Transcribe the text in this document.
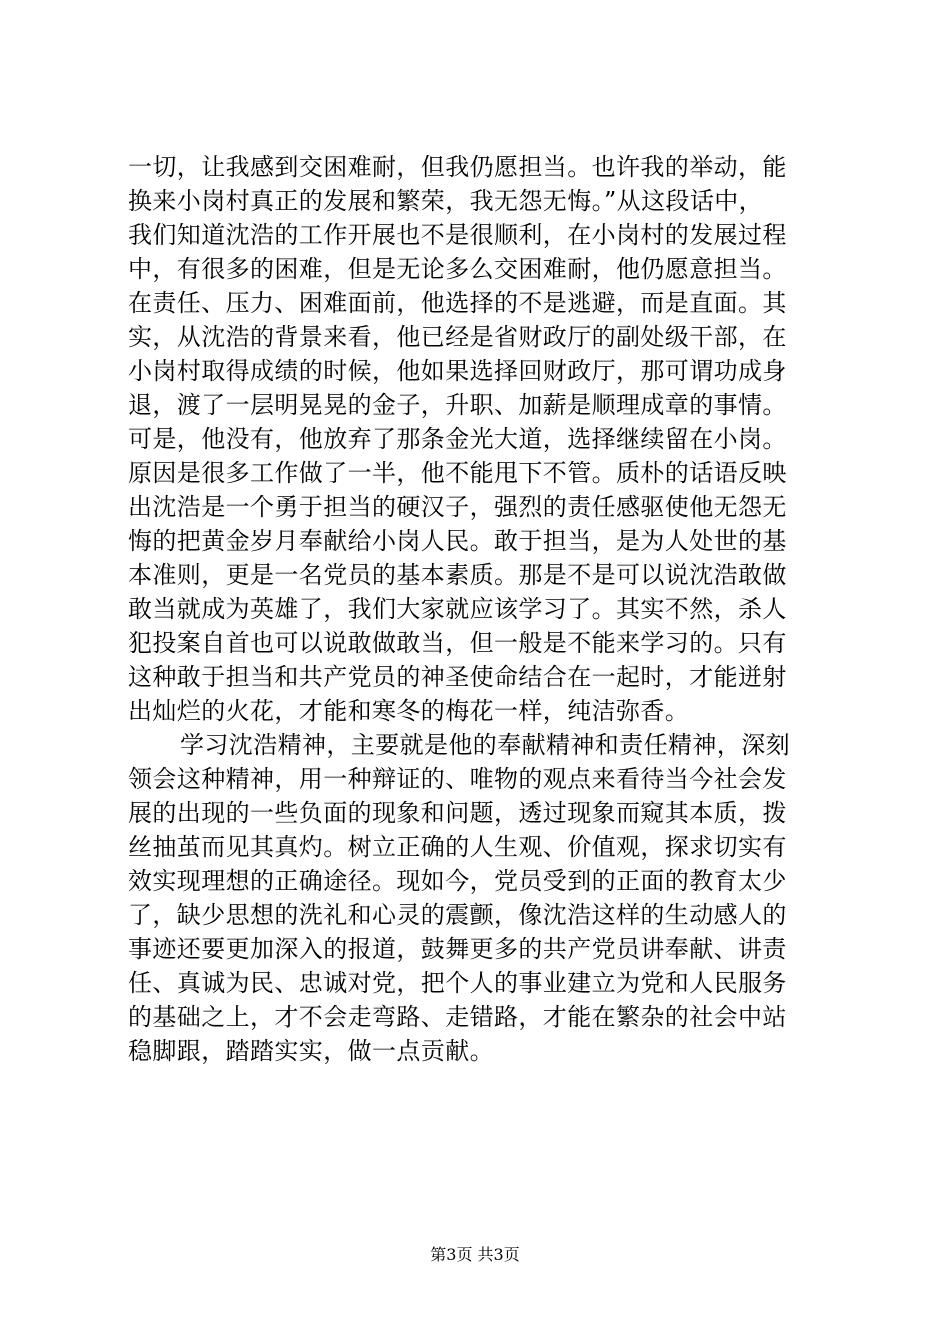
一切，让我感到交困难耐，但我仍愿担当。也许我的举动，能
换来小岗村真正的发展和繁荣，我无怨无悔。”从这段话中，
我们知道沈浩的工作开展也不是很顺利，在小岗村的发展过程
中，有很多的困难，但是无论多么交困难耐，他仍愿意担当。
在责任、压力、困难面前，他选择的不是逃避，而是直面。其
实，从沈浩的背景来看，他已经是省财政厅的副处级干部，在
小岗村取得成绩的时候，他如果选择回财政厅，那可谓功成身
退，渡了一层明晃晃的金子，升职、加薪是顺理成章的事情。
可是，他没有，他放弃了那条金光大道，选择继续留在小岗。
原因是很多工作做了一半，他不能甩下不管。质朴的话语反映
出沈浩是一个勇于担当的硬汉子，强烈的责任感驱使他无怨无
悔的把黄金岁月奉献给小岗人民。敢于担当，是为人处世的基
本准则，更是一名党员的基本素质。那是不是可以说沈浩敢做
敢当就成为英雄了，我们大家就应该学习了。其实不然，杀人
犯投案自首也可以说敢做敢当，但一般是不能来学习的。只有
这种敢于担当和共产党员的神圣使命结合在一起时，才能迸射
出灿烂的火花，才能和寒冬的梅花一样，纯洁弥香。
学习沈浩精神，主要就是他的奉献精神和责任精神，深刻
领会这种精神，用一种辩证的、唯物的观点来看待当今社会发
展的出现的一些负面的现象和问题，透过现象而窥其本质，拨
丝抽茧而见其真灼。树立正确的人生观、价值观，探求切实有
效实现理想的正确途径。现如今，党员受到的正面的教育太少
了，缺少思想的洗礼和心灵的震颤，像沈浩这样的生动感人的
事迹还要更加深入的报道，鼓舞更多的共产党员讲奉献、讲责
任、真诚为民、忠诚对党，把个人的事业建立为党和人民服务
的基础之上，才不会走弯路、走错路，才能在繁杂的社会中站
稳脚跟，踏踏实实，做一点贡献。
第3页 共3页
